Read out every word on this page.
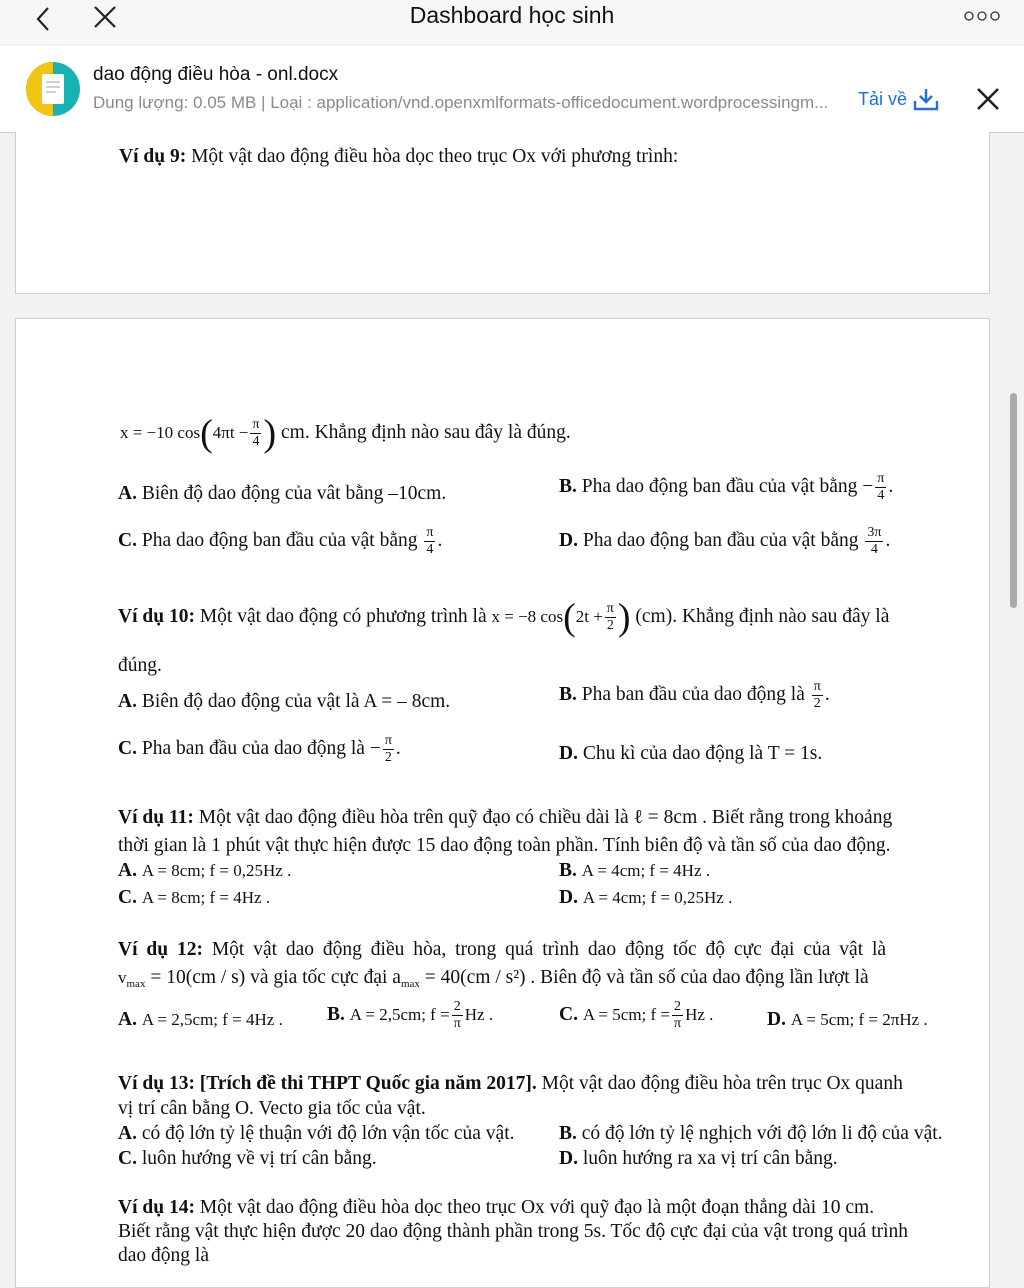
Dashboard học sinh
dao động điều hòa - onl.docx
Dung lượng: 0.05 MB | Loại : application/vnd.openxmlformats-officedocument.wordprocessingm...	Tải về
Ví dụ 9: Một vật dao động điều hòa dọc theo trục Ox với phương trình:
x = −10 $\cos(4\pi t - \frac{\pi}{4}$ ) cm. Khẳng định nào sau đây là đúng.
A. Biên độ dao động của vât bằng –10cm.	B. Pha dao động ban đầu của vật bằng − $\frac{\pi}{4}$ .
C. Pha dao động ban đầu của vật bằng $\frac{\pi}{4}$ .	D. Pha dao động ban đầu của vật bằng $\frac{3\pi}{4}$ .
Ví dụ 10: Một vật dao động có phương trình là x = −8 $\cos(2t + \frac{\pi}{2}$ ) (cm). Khẳng định nào sau đây là
đúng.
A. Biên độ dao động của vật là A = – 8cm.	B. Pha ban đầu của dao động là $\frac{\pi}{2}$ .
C. Pha ban đầu của dao động là − $\frac{\pi}{2}$ .	D. Chu kì của dao động là T = 1s.
Ví dụ 11: Một vật dao động điều hòa trên quỹ đạo có chiều dài là ℓ = 8cm . Biết rằng trong khoảng
thời gian là 1 phút vật thực hiện được 15 dao động toàn phần. Tính biên độ và tần số của dao động.
A. A = 8cm; f = 0,25Hz .	B. A = 4cm; f = 4Hz .
C. A = 8cm; f = 4Hz .	D. A = 4cm; f = 0,25Hz .
Ví dụ 12: Một vật dao động điều hòa, trong quá trình dao động tốc độ cực đại của vật là
$v_{max} = 10(cm / s)$ và gia tốc cực đại $a_{max} = 40(cm / s^2)$ . Biên độ và tần số của dao động lần lượt là
A. A = 2,5cm; f = 4Hz . B. A = 2,5cm; $f = \frac{2}{\pi}$ Hz .	C. A = 5cm; $f = \frac{2}{\pi}$ Hz .	D. A = 5cm; f = 2πHz .
Ví dụ 13: [Trích đề thi THPT Quốc gia năm 2017]. Một vật dao động điều hòa trên trục Ox quanh
vị trí cân bằng O. Vecto gia tốc của vật.
A. có độ lớn tỷ lệ thuận với độ lớn vận tốc của vật. B. có độ lớn tỷ lệ nghịch với độ lớn li độ của vật.
C. luôn hướng về vị trí cân bằng.	D. luôn hướng ra xa vị trí cân bằng.
Ví dụ 14: Một vật dao động điều hòa dọc theo trục Ox với quỹ đạo là một đoạn thẳng dài 10 cm.
Biết rằng vật thực hiện được 20 dao động thành phần trong 5s. Tốc độ cực đại của vật trong quá trình
dao động là
